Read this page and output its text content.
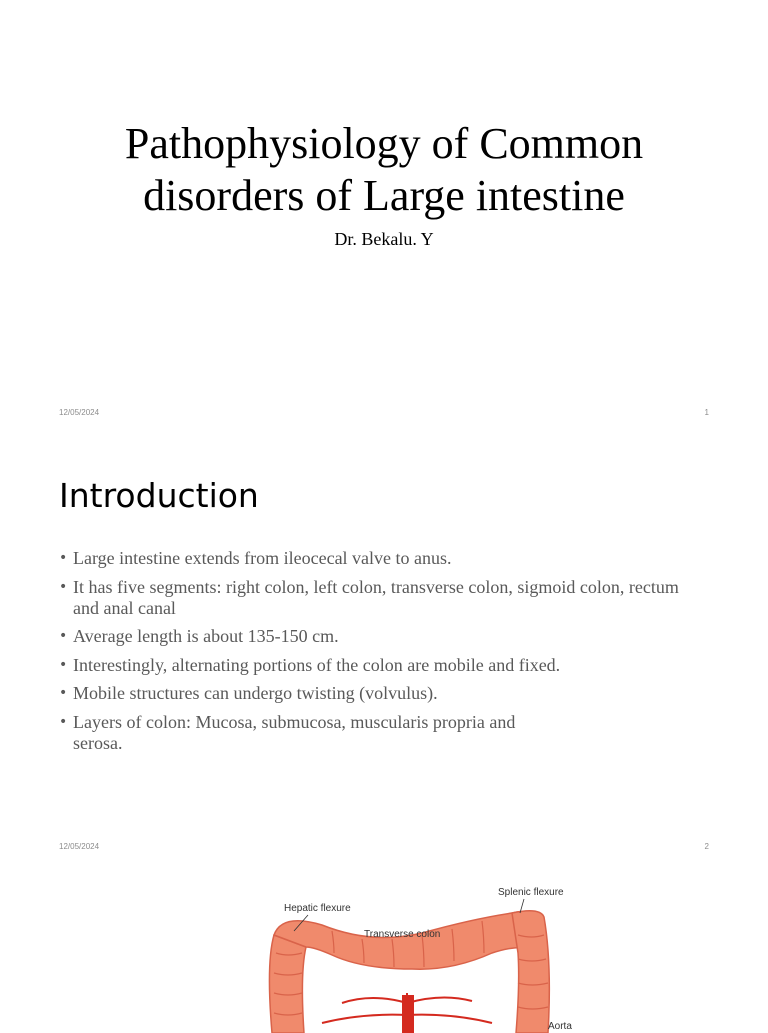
Pathophysiology of Common
disorders of Large intestine
Dr. Bekalu. Y
12/05/2024	1
Introduction
• Large intestine extends from ileocecal valve to anus.
• It has five segments: right colon, left colon, transverse colon, sigmoid colon, rectum and anal canal
• Average length is about 135-150 cm.
• Interestingly, alternating portions of the colon are mobile and fixed.
• Mobile structures can undergo twisting (volvulus).
• Layers of colon: Mucosa, submucosa, muscularis propria and serosa.
12/05/2024	2
Hepatic flexure
Splenic flexure
Transverse colon
Aorta
